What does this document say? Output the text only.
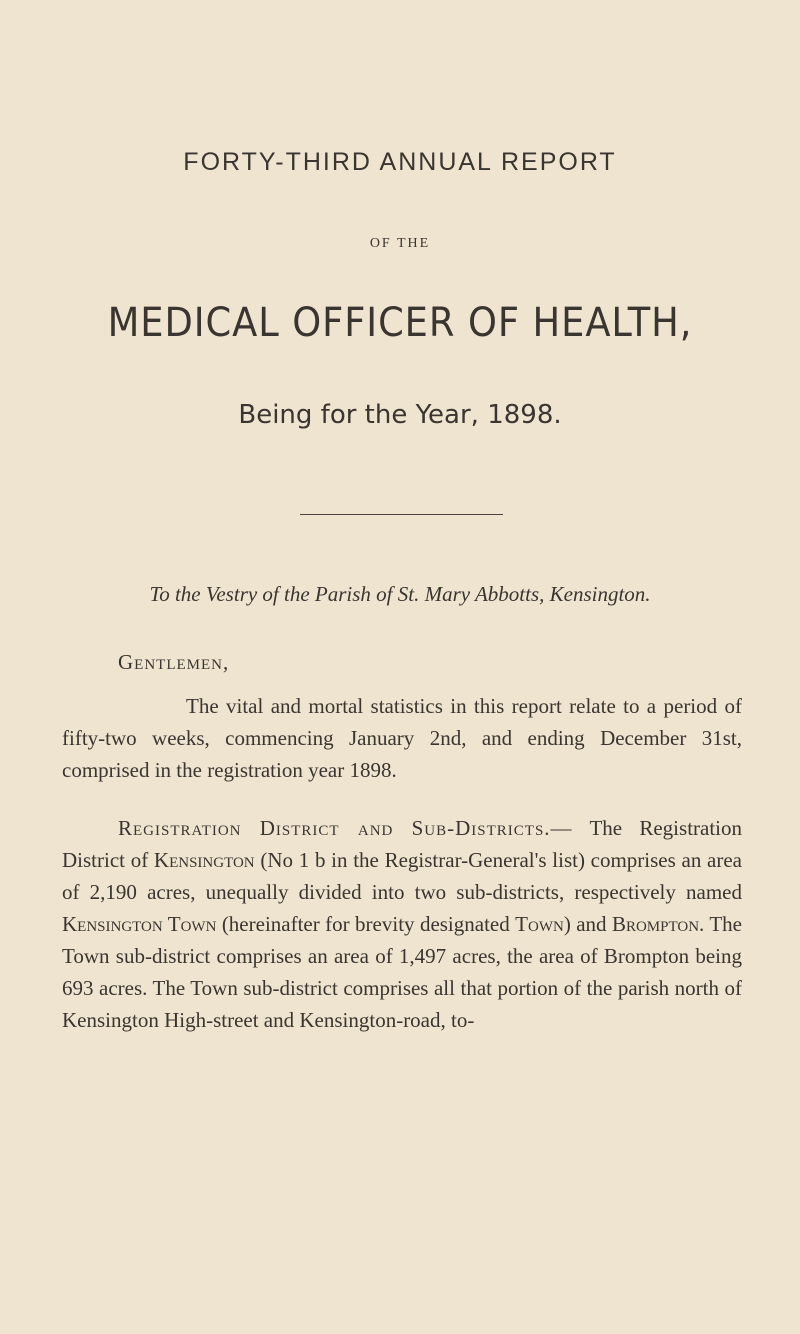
FORTY-THIRD ANNUAL REPORT
OF THE
MEDICAL OFFICER OF HEALTH,
Being for the Year, 1898.
To the Vestry of the Parish of St. Mary Abbotts, Kensington.
Gentlemen,
The vital and mortal statistics in this report relate to a period of fifty-two weeks, commencing January 2nd, and ending December 31st, comprised in the registration year 1898.
Registration District and Sub-Districts.— The Registration District of Kensington (No 1 b in the Registrar-General's list) comprises an area of 2,190 acres, unequally divided into two sub-districts, respectively named Kensington Town (hereinafter for brevity designated Town) and Brompton. The Town sub-district comprises an area of 1,497 acres, the area of Brompton being 693 acres. The Town sub-district comprises all that portion of the parish north of Kensington High-street and Kensington-road, to-
